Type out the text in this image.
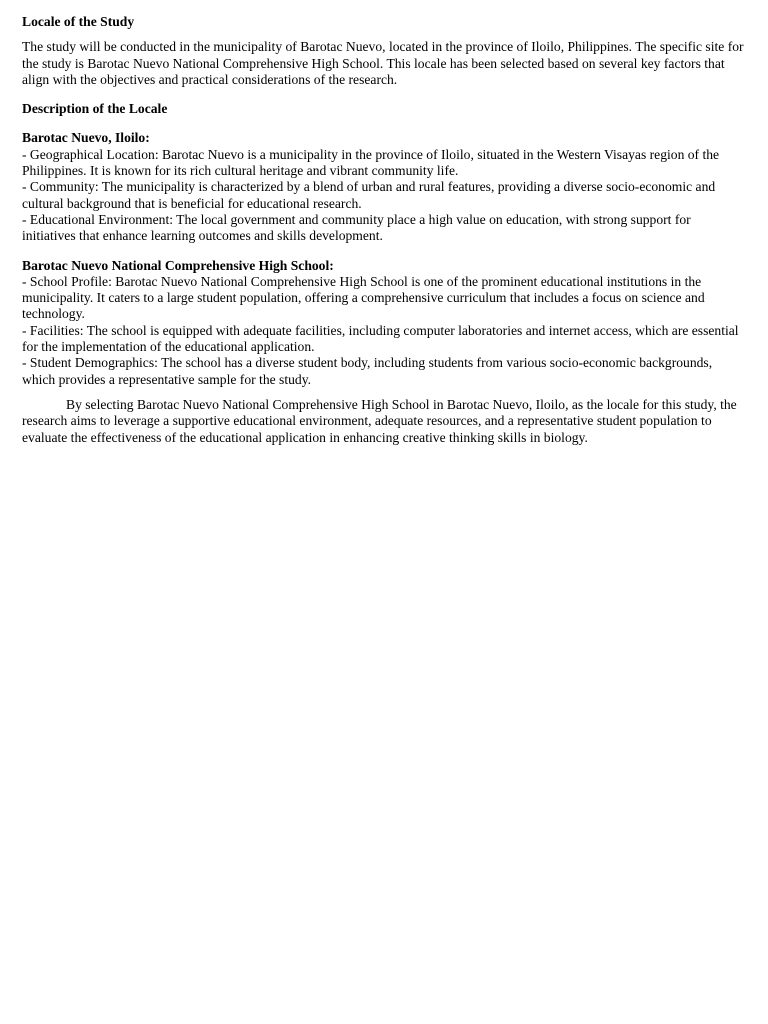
Locale of the Study

The study will be conducted in the municipality of Barotac Nuevo, located in the province of Iloilo, Philippines. The specific site for the study is Barotac Nuevo National Comprehensive High School. This locale has been selected based on several key factors that align with the objectives and practical considerations of the research.

Description of the Locale
Barotac Nuevo, Iloilo:
- Geographical Location: Barotac Nuevo is a municipality in the province of Iloilo, situated in the Western Visayas region of the Philippines. It is known for its rich cultural heritage and vibrant community life.
- Community: The municipality is characterized by a blend of urban and rural features, providing a diverse socio-economic and cultural background that is beneficial for educational research.
- Educational Environment: The local government and community place a high value on education, with strong support for initiatives that enhance learning outcomes and skills development.
Barotac Nuevo National Comprehensive High School:
- School Profile: Barotac Nuevo National Comprehensive High School is one of the prominent educational institutions in the municipality. It caters to a large student population, offering a comprehensive curriculum that includes a focus on science and technology.
- Facilities: The school is equipped with adequate facilities, including computer laboratories and internet access, which are essential for the implementation of the educational application.
- Student Demographics: The school has a diverse student body, including students from various socio-economic backgrounds, which provides a representative sample for the study.

By selecting Barotac Nuevo National Comprehensive High School in Barotac Nuevo, Iloilo, as the locale for this study, the research aims to leverage a supportive educational environment, adequate resources, and a representative student population to evaluate the effectiveness of the educational application in enhancing creative thinking skills in biology.
